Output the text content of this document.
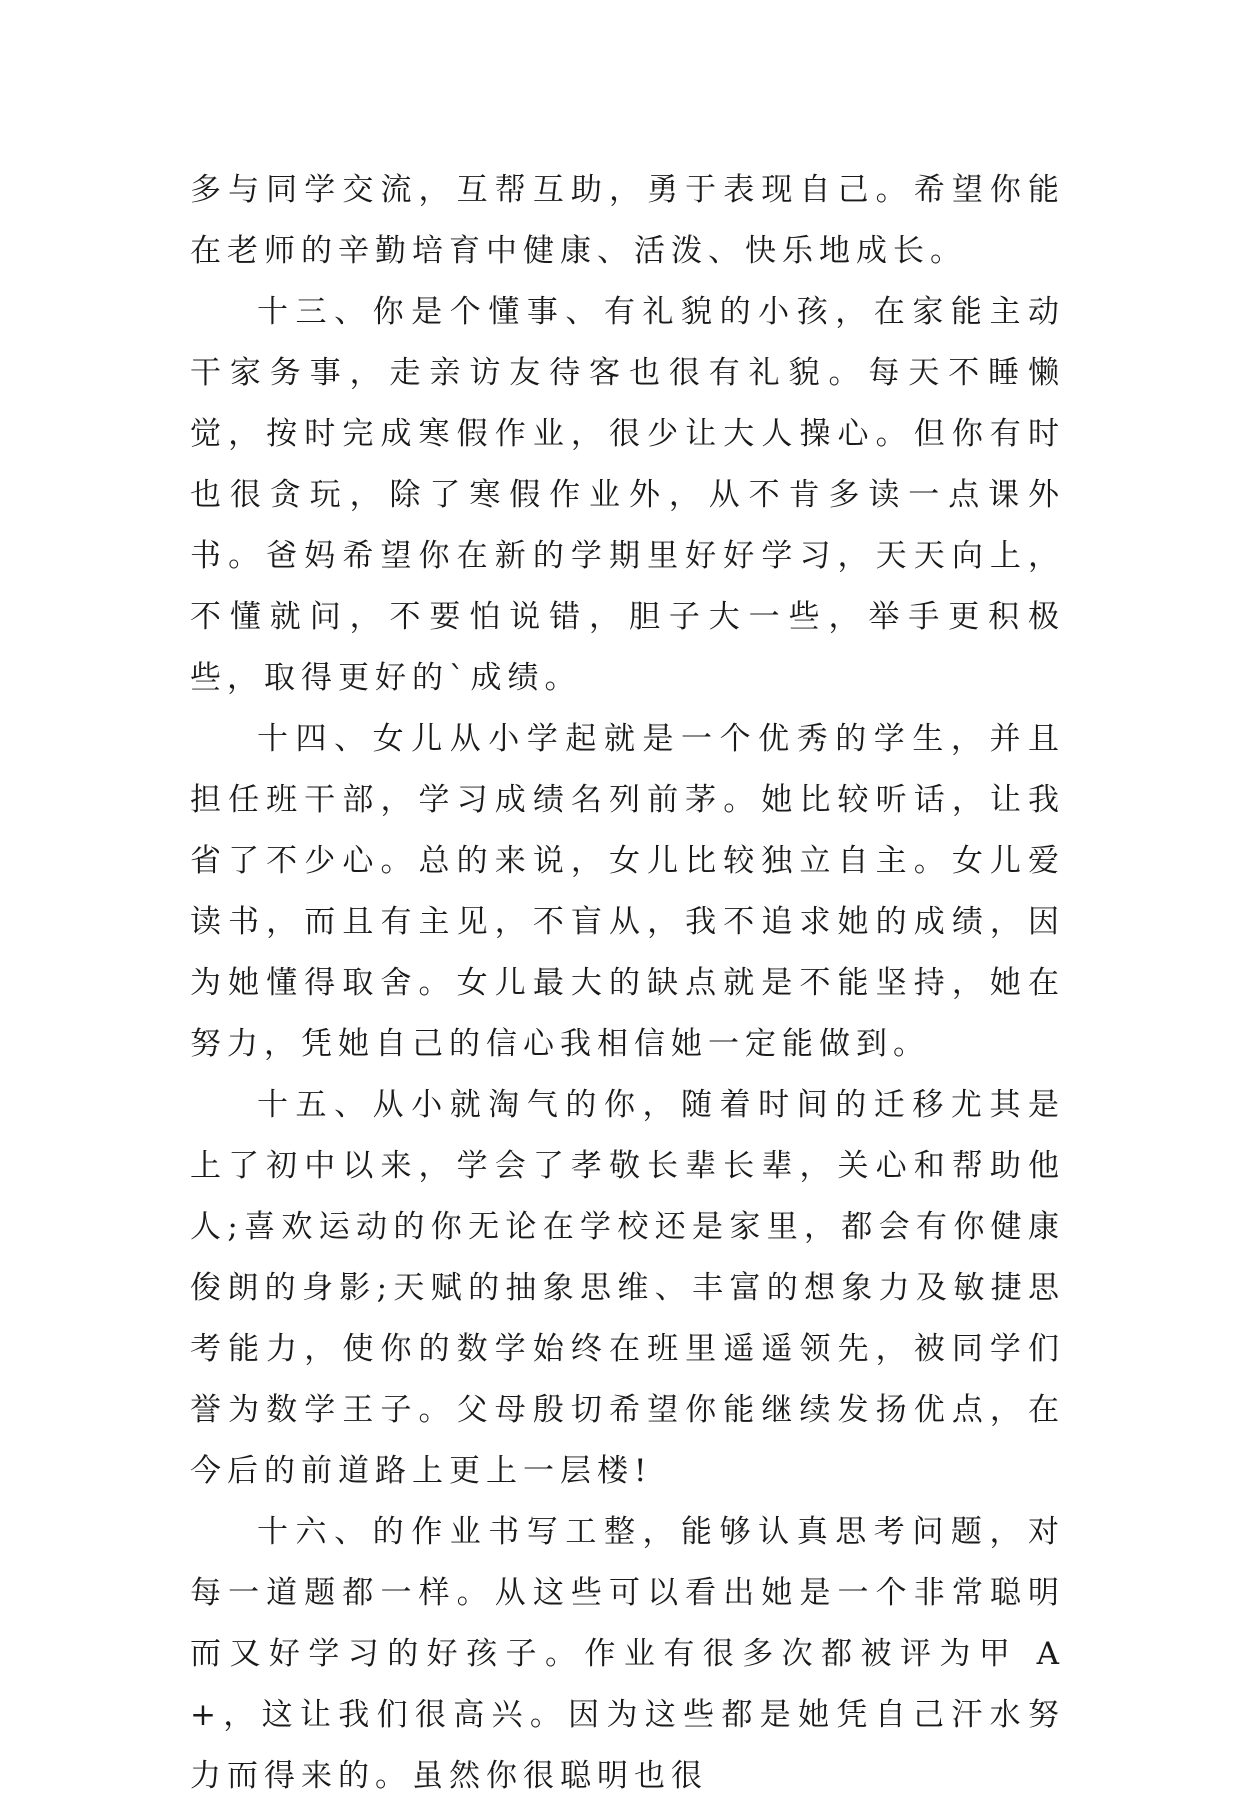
多与同学交流，互帮互助，勇于表现自己。希望你能在老师的辛勤培育中健康、活泼、快乐地成长。

十三、你是个懂事、有礼貌的小孩，在家能主动干家务事，走亲访友待客也很有礼貌。每天不睡懒觉，按时完成寒假作业，很少让大人操心。但你有时也很贪玩，除了寒假作业外，从不肯多读一点课外书。爸妈希望你在新的学期里好好学习，天天向上，不懂就问，不要怕说错，胆子大一些，举手更积极些，取得更好的`成绩。

十四、女儿从小学起就是一个优秀的学生，并且担任班干部，学习成绩名列前茅。她比较听话，让我省了不少心。总的来说，女儿比较独立自主。女儿爱读书，而且有主见，不盲从，我不追求她的成绩，因为她懂得取舍。女儿最大的缺点就是不能坚持，她在努力，凭她自己的信心我相信她一定能做到。

十五、从小就淘气的你，随着时间的迁移尤其是上了初中以来，学会了孝敬长辈长辈，关心和帮助他人;喜欢运动的你无论在学校还是家里，都会有你健康俊朗的身影;天赋的抽象思维、丰富的想象力及敏捷思考能力，使你的数学始终在班里遥遥领先，被同学们誉为数学王子。父母殷切希望你能继续发扬优点，在今后的前道路上更上一层楼!

十六、的作业书写工整，能够认真思考问题，对每一道题都一样。从这些可以看出她是一个非常聪明而又好学习的好孩子。作业有很多次都被评为甲 A+，这让我们很高兴。因为这些都是她凭自己汗水努力而得来的。虽然你很聪明也很
